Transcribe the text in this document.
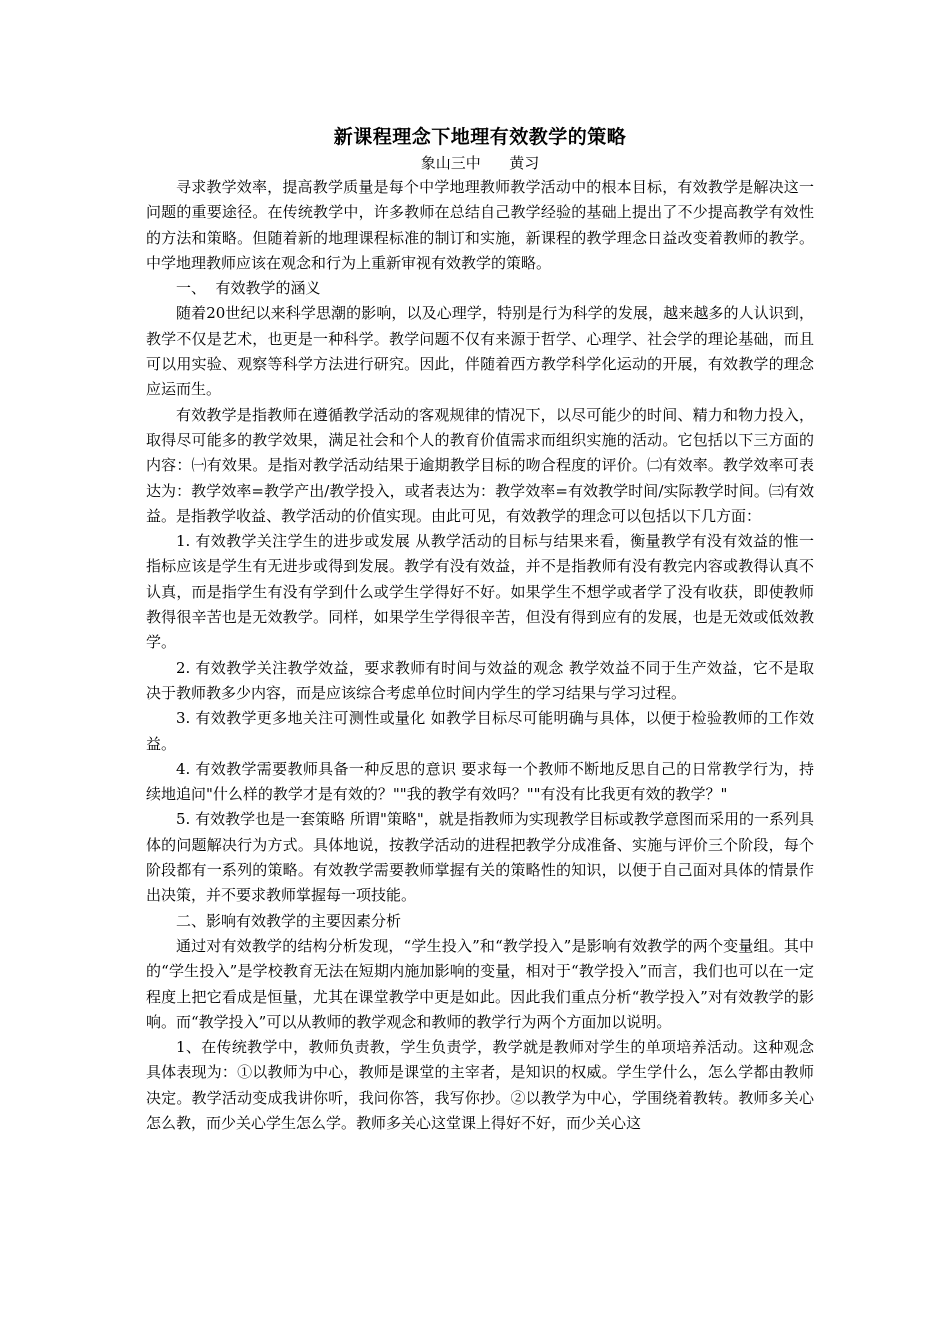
新课程理念下地理有效教学的策略
象山三中      黄习

寻求教学效率，提高教学质量是每个中学地理教师教学活动中的根本目标，有效教学是解决这一问题的重要途径。在传统教学中，许多教师在总结自己教学经验的基础上提出了不少提高教学有效性的方法和策略。但随着新的地理课程标准的制订和实施，新课程的教学理念日益改变着教师的教学。中学地理教师应该在观念和行为上重新审视有效教学的策略。

一、  有效教学的涵义

随着20世纪以来科学思潮的影响，以及心理学，特别是行为科学的发展，越来越多的人认识到，教学不仅是艺术，也更是一种科学。教学问题不仅有来源于哲学、心理学、社会学的理论基础，而且可以用实验、观察等科学方法进行研究。因此，伴随着西方教学科学化运动的开展，有效教学的理念应运而生。

有效教学是指教师在遵循教学活动的客观规律的情况下，以尽可能少的时间、精力和物力投入，取得尽可能多的教学效果，满足社会和个人的教育价值需求而组织实施的活动。它包括以下三方面的内容：㈠有效果。是指对教学活动结果于逾期教学目标的吻合程度的评价。㈡有效率。教学效率可表达为：教学效率=教学产出/教学投入，或者表达为：教学效率=有效教学时间/实际教学时间。㈢有效益。是指教学收益、教学活动的价值实现。由此可见，有效教学的理念可以包括以下几方面：

1. 有效教学关注学生的进步或发展 从教学活动的目标与结果来看，衡量教学有没有效益的惟一指标应该是学生有无进步或得到发展。教学有没有效益，并不是指教师有没有教完内容或教得认真不认真，而是指学生有没有学到什么或学生学得好不好。如果学生不想学或者学了没有收获，即使教师教得很辛苦也是无效教学。同样，如果学生学得很辛苦，但没有得到应有的发展，也是无效或低效教学。

2. 有效教学关注教学效益，要求教师有时间与效益的观念 教学效益不同于生产效益，它不是取决于教师教多少内容，而是应该综合考虑单位时间内学生的学习结果与学习过程。

3. 有效教学更多地关注可测性或量化 如教学目标尽可能明确与具体，以便于检验教师的工作效益。

4. 有效教学需要教师具备一种反思的意识 要求每一个教师不断地反思自己的日常教学行为，持续地追问"什么样的教学才是有效的？""我的教学有效吗？""有没有比我更有效的教学？"

5. 有效教学也是一套策略 所谓"策略"，就是指教师为实现教学目标或教学意图而采用的一系列具体的问题解决行为方式。具体地说，按教学活动的进程把教学分成准备、实施与评价三个阶段，每个阶段都有一系列的策略。有效教学需要教师掌握有关的策略性的知识，以便于自己面对具体的情景作出决策，并不要求教师掌握每一项技能。

二、影响有效教学的主要因素分析

通过对有效教学的结构分析发现，“学生投入”和“教学投入”是影响有效教学的两个变量组。其中的“学生投入”是学校教育无法在短期内施加影响的变量，相对于“教学投入”而言，我们也可以在一定程度上把它看成是恒量，尤其在课堂教学中更是如此。因此我们重点分析“教学投入”对有效教学的影响。而“教学投入”可以从教师的教学观念和教师的教学行为两个方面加以说明。

1、在传统教学中，教师负责教，学生负责学，教学就是教师对学生的单项培养活动。这种观念具体表现为：①以教师为中心，教师是课堂的主宰者，是知识的权威。学生学什么，怎么学都由教师决定。教学活动变成我讲你听，我问你答，我写你抄。②以教学为中心，学围绕着教转。教师多关心怎么教，而少关心学生怎么学。教师多关心这堂课上得好不好，而少关心这
